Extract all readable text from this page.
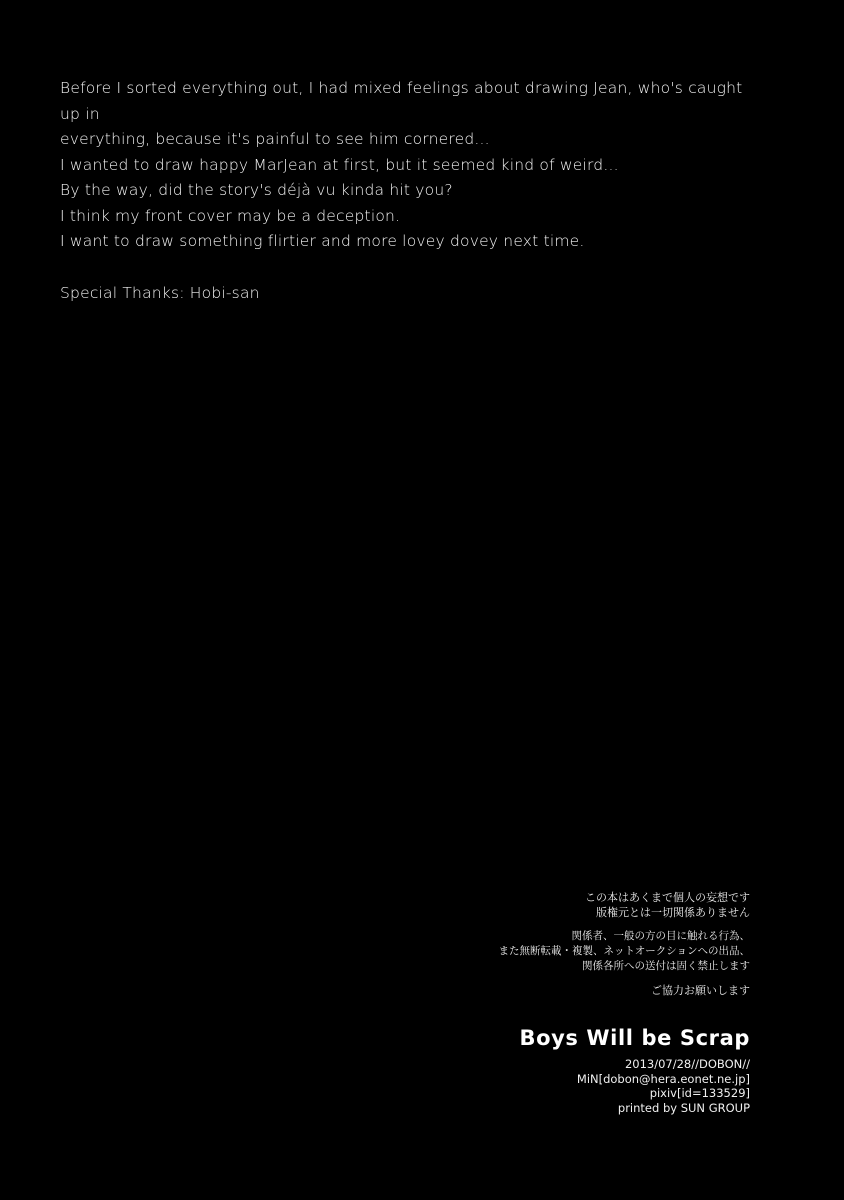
Before I sorted everything out, I had mixed feelings about drawing Jean, who's caught up in

everything, because it's painful to see him cornered...

I wanted to draw happy MarJean at first, but it seemed kind of weird...

By the way, did the story's déjà vu kinda hit you?

I think my front cover may be a deception.

I want to draw something flirtier and more lovey dovey next time.

Special Thanks: Hobi-san

この本はあくまで個人の妄想です
版権元とは一切関係ありません
関係者、一般の方の目に触れる行為、
また無断転載・複製、ネットオークションへの出品、
関係各所への送付は固く禁止します
ご協力お願いします
Boys Will be Scrap
2013/07/28//DOBON//
MiN[dobon@hera.eonet.ne.jp]
pixiv[id=133529]
printed by SUN GROUP
